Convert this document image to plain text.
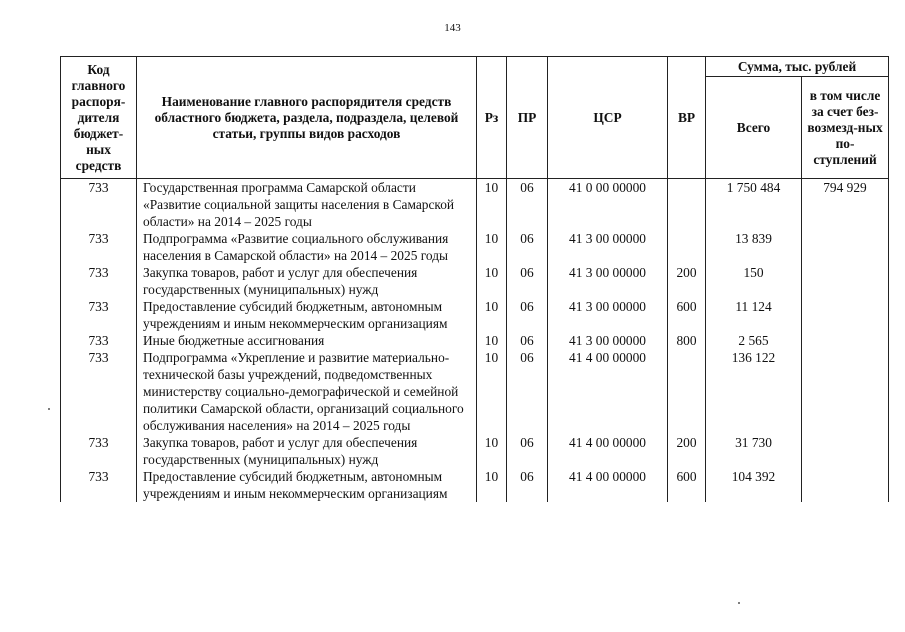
143
Код главного распоря-дителя бюджет-ных средств	Наименование главного распорядителя средств областного бюджета, раздела, подраздела, целевой статьи, группы видов расходов	Рз	ПР	ЦСР	ВР	Сумма, тыс. рублей	
						Всего	в том числе за счет без-возмезд-ных по-ступлений
733	Государственная программа Самарской области «Развитие социальной защиты населения в Самарской области» на 2014 – 2025 годы	10	06	41 0 00 00000		1 750 484	794 929
733	Подпрограмма «Развитие социального обслуживания населения в Самарской области» на 2014 – 2025 годы	10	06	41 3 00 00000		13 839	
733	Закупка товаров, работ и услуг для обеспечения государственных (муниципальных) нужд	10	06	41 3 00 00000	200	150	
733	Предоставление субсидий бюджетным, автономным учреждениям и иным некоммерческим организациям	10	06	41 3 00 00000	600	11 124	
733	Иные бюджетные ассигнования	10	06	41 3 00 00000	800	2 565	
733	Подпрограмма «Укрепление и развитие материально-технической базы учреждений, подведомственных министерству социально-демографической и семейной политики Самарской области, организаций социального обслуживания населения» на 2014 – 2025 годы	10	06	41 4 00 00000		136 122	
733	Закупка товаров, работ и услуг для обеспечения государственных (муниципальных) нужд	10	06	41 4 00 00000	200	31 730	
733	Предоставление субсидий бюджетным, автономным учреждениям и иным некоммерческим организациям	10	06	41 4 00 00000	600	104 392	
